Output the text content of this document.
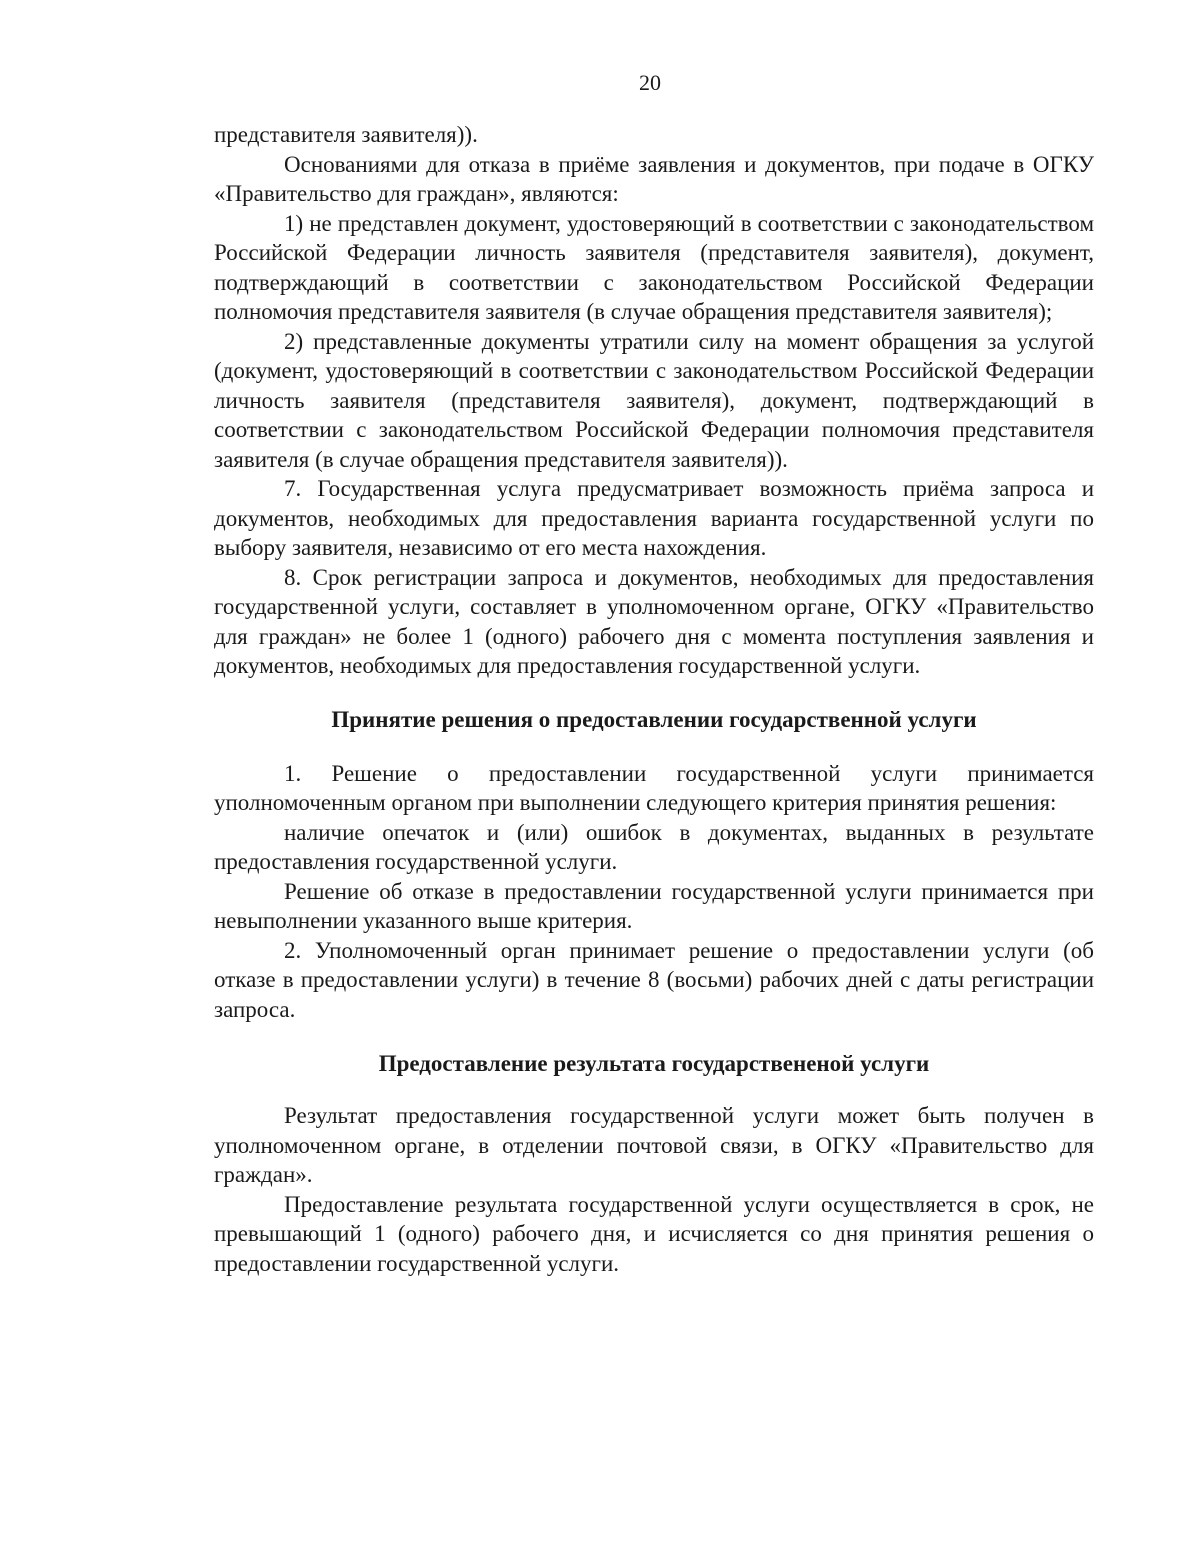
20

представителя заявителя)).

Основаниями для отказа в приёме заявления и документов, при подаче в ОГКУ «Правительство для граждан», являются:

1) не представлен документ, удостоверяющий в соответствии с законодательством Российской Федерации личность заявителя (представителя заявителя), документ, подтверждающий в соответствии с законодательством Российской Федерации полномочия представителя заявителя (в случае обращения представителя заявителя);

2) представленные документы утратили силу на момент обращения за услугой (документ, удостоверяющий в соответствии с законодательством Российской Федерации личность заявителя (представителя заявителя), документ, подтверждающий в соответствии с законодательством Российской Федерации полномочия представителя заявителя (в случае обращения представителя заявителя)).

7. Государственная услуга предусматривает возможность приёма запроса и документов, необходимых для предоставления варианта государственной услуги по выбору заявителя, независимо от его места нахождения.

8. Срок регистрации запроса и документов, необходимых для предоставления государственной услуги, составляет в уполномоченном органе, ОГКУ «Правительство для граждан» не более 1 (одного) рабочего дня с момента поступления заявления и документов, необходимых для предоставления государственной услуги.

Принятие решения о предоставлении государственной услуги

1. Решение о предоставлении государственной услуги принимается уполномоченным органом при выполнении следующего критерия принятия решения:

наличие опечаток и (или) ошибок в документах, выданных в результате предоставления государственной услуги.

Решение об отказе в предоставлении государственной услуги принимается при невыполнении указанного выше критерия.

2. Уполномоченный орган принимает решение о предоставлении услуги (об отказе в предоставлении услуги) в течение 8 (восьми) рабочих дней с даты регистрации запроса.

Предоставление результата государствененой услуги

Результат предоставления государственной услуги может быть получен в уполномоченном органе, в отделении почтовой связи, в ОГКУ «Правительство для граждан».

Предоставление результата государственной услуги осуществляется в срок, не превышающий 1 (одного) рабочего дня, и исчисляется со дня принятия решения о предоставлении государственной услуги.
